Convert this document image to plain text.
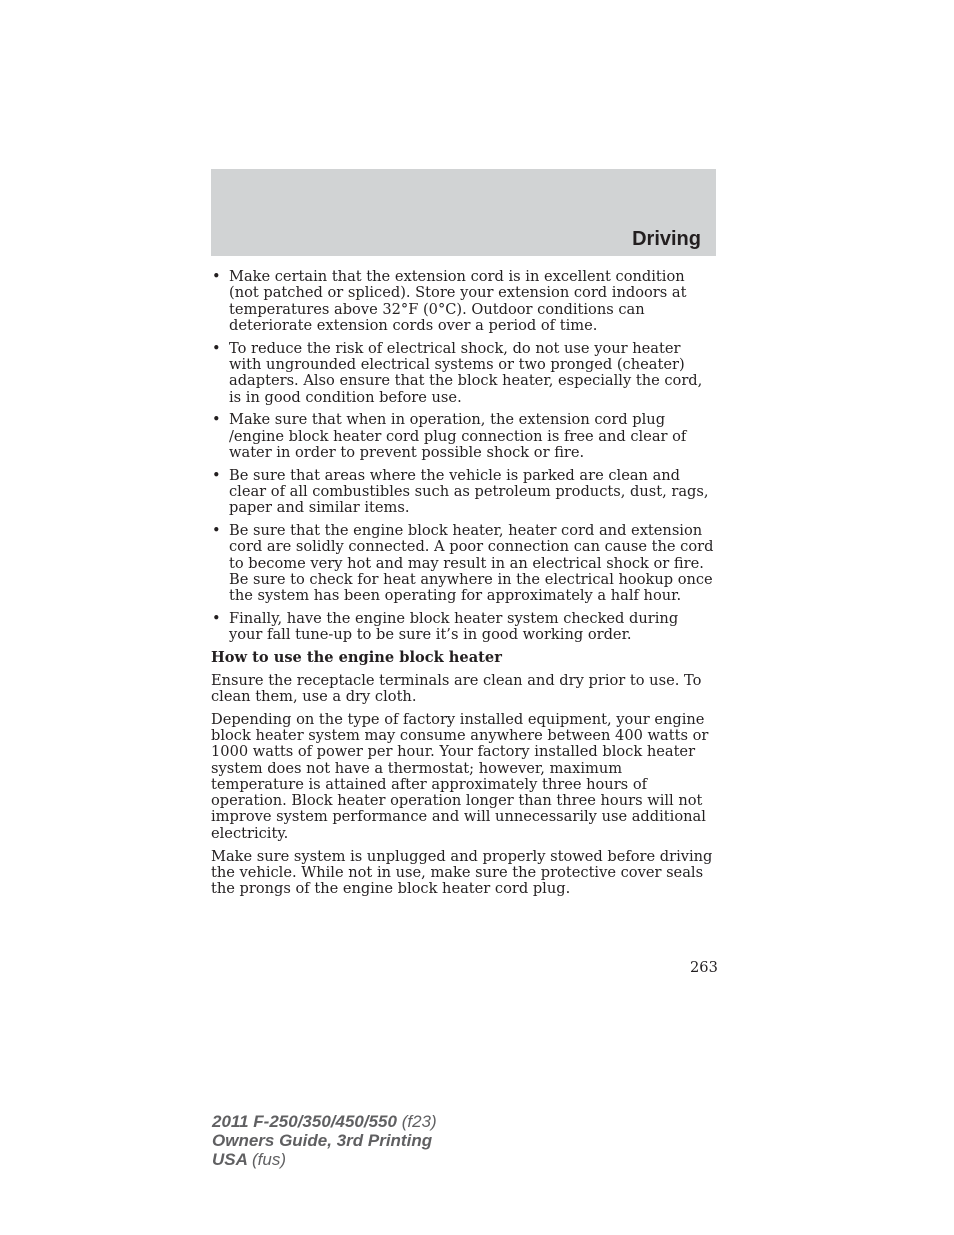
Driving
• Make certain that the extension cord is in excellent condition (not patched or spliced). Store your extension cord indoors at temperatures above 32°F (0°C). Outdoor conditions can deteriorate extension cords over a period of time.
• To reduce the risk of electrical shock, do not use your heater with ungrounded electrical systems or two pronged (cheater) adapters. Also ensure that the block heater, especially the cord, is in good condition before use.
• Make sure that when in operation, the extension cord plug /engine block heater cord plug connection is free and clear of water in order to prevent possible shock or fire.
• Be sure that areas where the vehicle is parked are clean and clear of all combustibles such as petroleum products, dust, rags, paper and similar items.
• Be sure that the engine block heater, heater cord and extension cord are solidly connected. A poor connection can cause the cord to become very hot and may result in an electrical shock or fire. Be sure to check for heat anywhere in the electrical hookup once the system has been operating for approximately a half hour.
• Finally, have the engine block heater system checked during your fall tune-up to be sure it’s in good working order.
How to use the engine block heater

Ensure the receptacle terminals are clean and dry prior to use. To clean them, use a dry cloth.

Depending on the type of factory installed equipment, your engine block heater system may consume anywhere between 400 watts or 1000 watts of power per hour. Your factory installed block heater system does not have a thermostat; however, maximum temperature is attained after approximately three hours of operation. Block heater operation longer than three hours will not improve system performance and will unnecessarily use additional electricity.

Make sure system is unplugged and properly stowed before driving the vehicle. While not in use, make sure the protective cover seals the prongs of the engine block heater cord plug.

263
2011 F-250/350/450/550 (f23)
Owners Guide, 3rd Printing
USA (fus)
